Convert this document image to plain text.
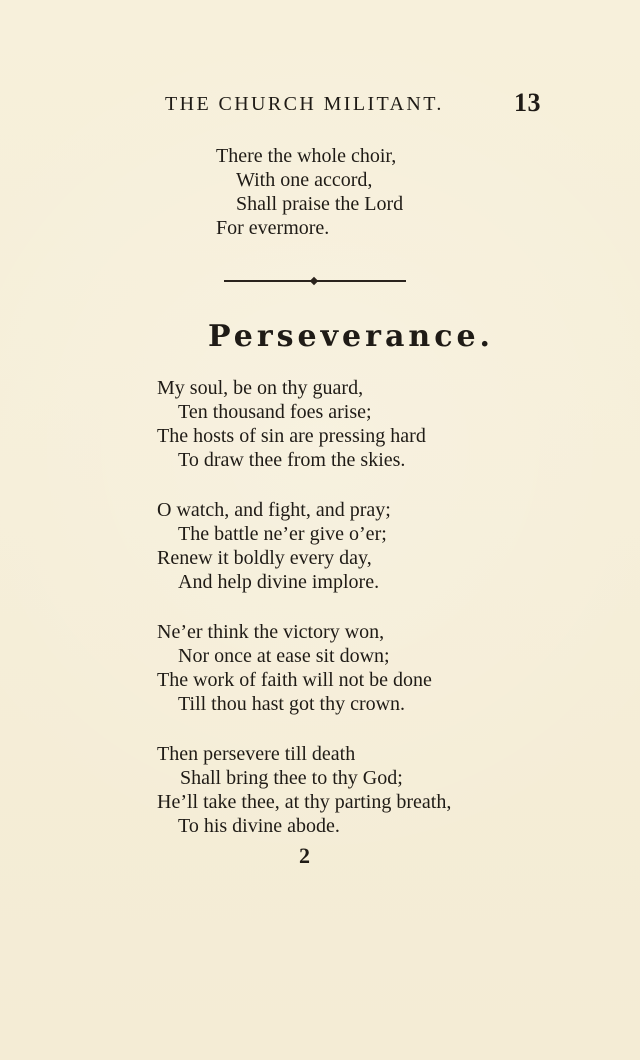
THE CHURCH MILITANT.	13
There the whole choir,
With one accord,
Shall praise the Lord
For evermore.
Perseverance.
My soul, be on thy guard,
Ten thousand foes arise;
The hosts of sin are pressing hard
To draw thee from the skies.
O watch, and fight, and pray;
The battle ne’er give o’er;
Renew it boldly every day,
And help divine implore.
Ne’er think the victory won,
Nor once at ease sit down;
The work of faith will not be done
Till thou hast got thy crown.
Then persevere till death
Shall bring thee to thy God;
He’ll take thee, at thy parting breath,
To his divine abode.
2
